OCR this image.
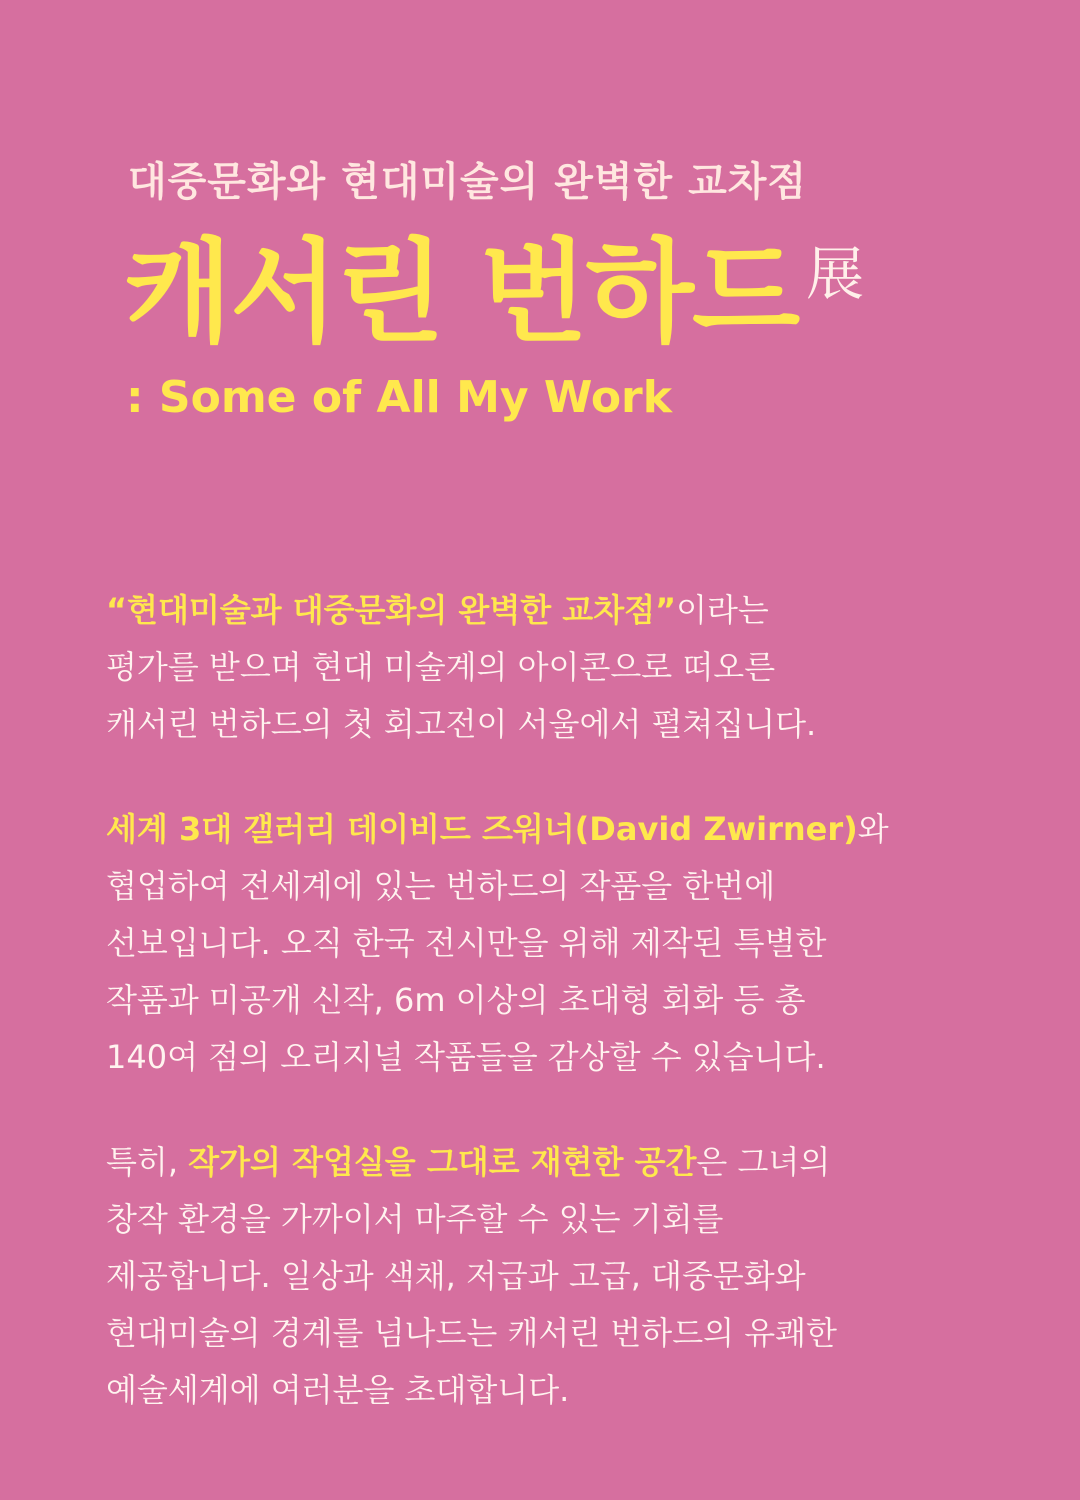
대중문화와 현대미술의 완벽한 교차점
캐서린 번하드 展
: Some of All My Work
“현대미술과 대중문화의 완벽한 교차점”이라는
평가를 받으며 현대 미술계의 아이콘으로 떠오른
캐서린 번하드의 첫 회고전이 서울에서 펼쳐집니다.
세계 3대 갤러리 데이비드 즈워너(David Zwirner)와
협업하여 전세계에 있는 번하드의 작품을 한번에
선보입니다. 오직 한국 전시만을 위해 제작된 특별한
작품과 미공개 신작, 6m 이상의 초대형 회화 등 총
140여 점의 오리지널 작품들을 감상할 수 있습니다.
특히, 작가의 작업실을 그대로 재현한 공간은 그녀의
창작 환경을 가까이서 마주할 수 있는 기회를
제공합니다. 일상과 색채, 저급과 고급, 대중문화와
현대미술의 경계를 넘나드는 캐서린 번하드의 유쾌한
예술세계에 여러분을 초대합니다.
